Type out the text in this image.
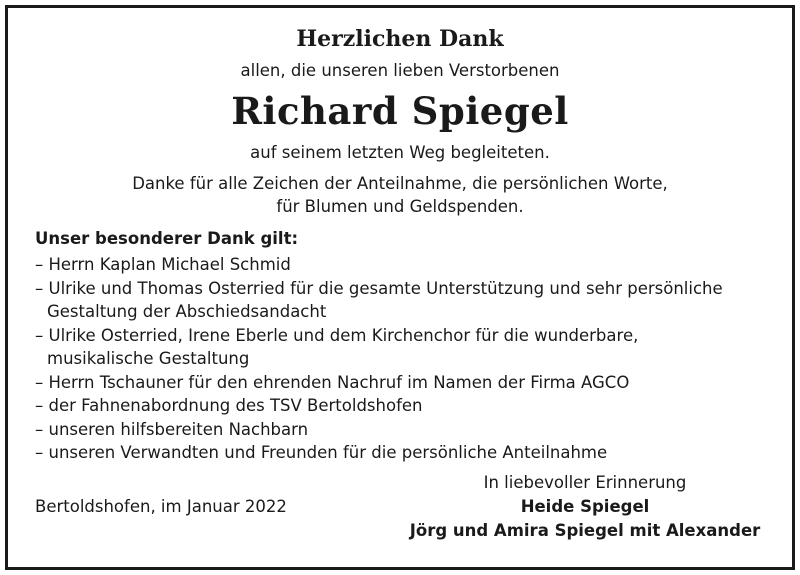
Herzlichen Dank
allen, die unseren lieben Verstorbenen
Richard Spiegel
auf seinem letzten Weg begleiteten.
Danke für alle Zeichen der Anteilnahme, die persönlichen Worte,
für Blumen und Geldspenden.
Unser besonderer Dank gilt:
– Herrn Kaplan Michael Schmid
– Ulrike und Thomas Osterried für die gesamte Unterstützung und sehr persönliche
Gestaltung der Abschiedsandacht
– Ulrike Osterried, Irene Eberle und dem Kirchenchor für die wunderbare,
musikalische Gestaltung
– Herrn Tschauner für den ehrenden Nachruf im Namen der Firma AGCO
– der Fahnenabordnung des TSV Bertoldshofen
– unseren hilfsbereiten Nachbarn
– unseren Verwandten und Freunden für die persönliche Anteilnahme
Bertoldshofen, im Januar 2022
In liebevoller Erinnerung
Heide Spiegel
Jörg und Amira Spiegel mit Alexander
